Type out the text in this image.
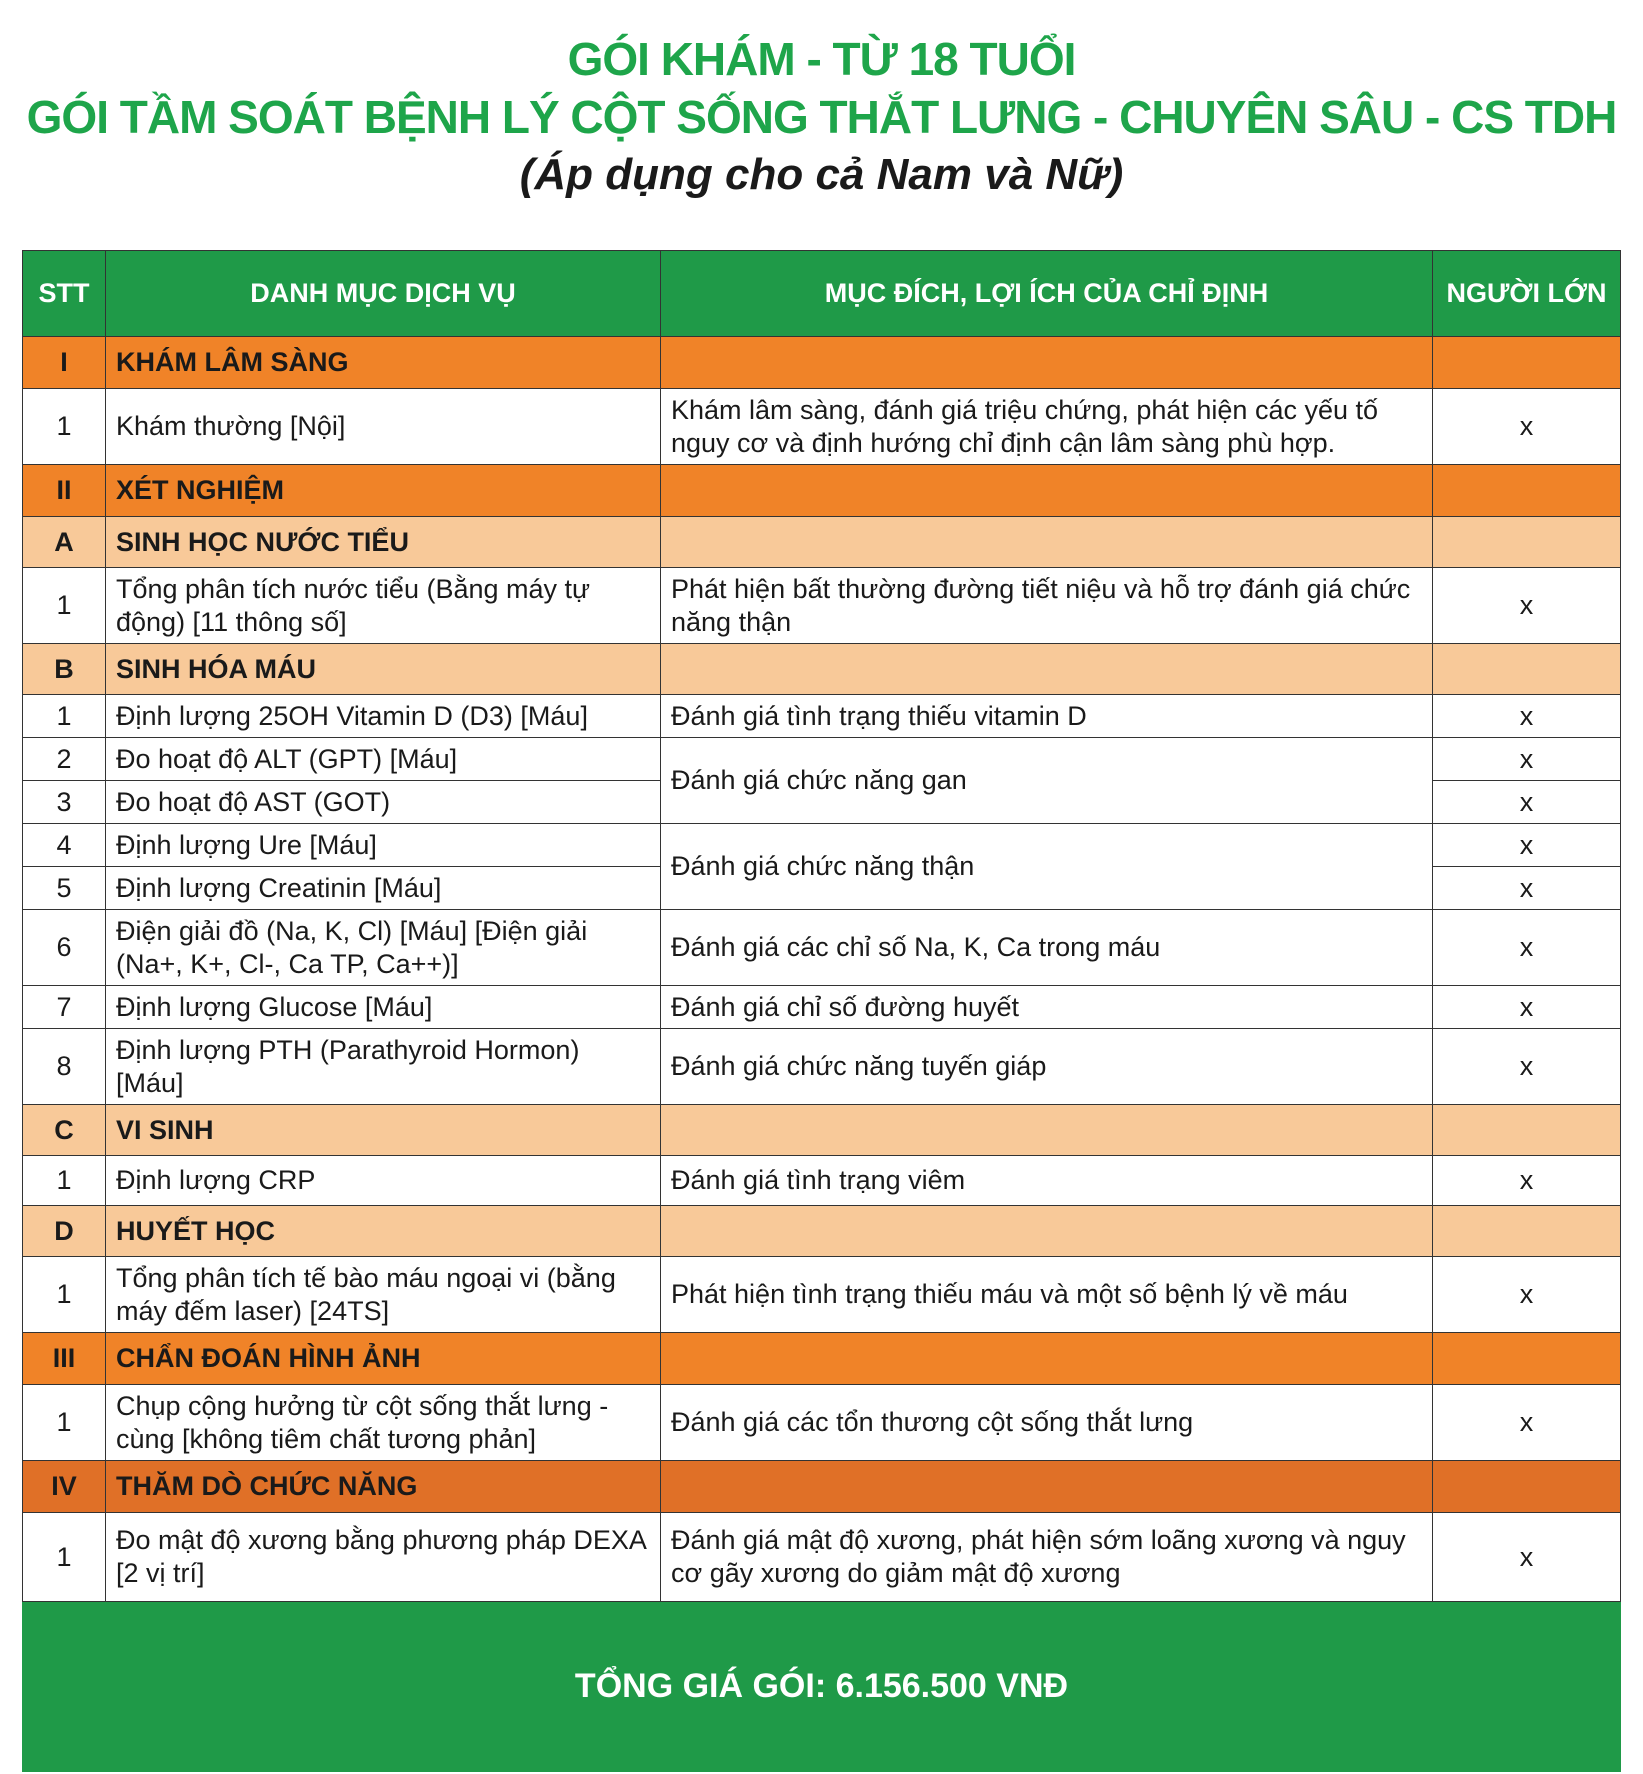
GÓI KHÁM - TỪ 18 TUỔI
GÓI TẦM SOÁT BỆNH LÝ CỘT SỐNG THẮT LƯNG - CHUYÊN SÂU - CS TDH
(Áp dụng cho cả Nam và Nữ)
STT	DANH MỤC DỊCH VỤ	MỤC ĐÍCH, LỢI ÍCH CỦA CHỈ ĐỊNH	NGƯỜI LỚN
I	KHÁM LÂM SÀNG		
1	Khám thường [Nội]	Khám lâm sàng, đánh giá triệu chứng, phát hiện các yếu tố nguy cơ và định hướng chỉ định cận lâm sàng phù hợp.	x
II	XÉT NGHIỆM		
A	SINH HỌC NƯỚC TIỂU		
1	Tổng phân tích nước tiểu (Bằng máy tự động) [11 thông số]	Phát hiện bất thường đường tiết niệu và hỗ trợ đánh giá chức năng thận	x
B	SINH HÓA MÁU		
1	Định lượng 25OH Vitamin D (D3) [Máu]	Đánh giá tình trạng thiếu vitamin D	x
2	Đo hoạt độ ALT (GPT) [Máu]	Đánh giá chức năng gan	x
3	Đo hoạt độ AST (GOT)		x
4	Định lượng Ure [Máu]	Đánh giá chức năng thận	x
5	Định lượng Creatinin [Máu]		x
6	Điện giải đồ (Na, K, Cl) [Máu] [Điện giải (Na+, K+, Cl-, Ca TP, Ca++)]	Đánh giá các chỉ số Na, K, Ca trong máu	x
7	Định lượng Glucose [Máu]	Đánh giá chỉ số đường huyết	x
8	Định lượng PTH (Parathyroid Hormon) [Máu]	Đánh giá chức năng tuyến giáp	x
C	VI SINH		
1	Định lượng CRP	Đánh giá tình trạng viêm	x
D	HUYẾT HỌC		
1	Tổng phân tích tế bào máu ngoại vi (bằng máy đếm laser) [24TS]	Phát hiện tình trạng thiếu máu và một số bệnh lý về máu	x
III	CHẨN ĐOÁN HÌNH ẢNH		
1	Chụp cộng hưởng từ cột sống thắt lưng - cùng [không tiêm chất tương phản]	Đánh giá các tổn thương cột sống thắt lưng	x
IV	THĂM DÒ CHỨC NĂNG		
1	Đo mật độ xương bằng phương pháp DEXA [2 vị trí]	Đánh giá mật độ xương, phát hiện sớm loãng xương và nguy cơ gãy xương do giảm mật độ xương	x
TỔNG GIÁ GÓI: 6.156.500 VNĐ			
